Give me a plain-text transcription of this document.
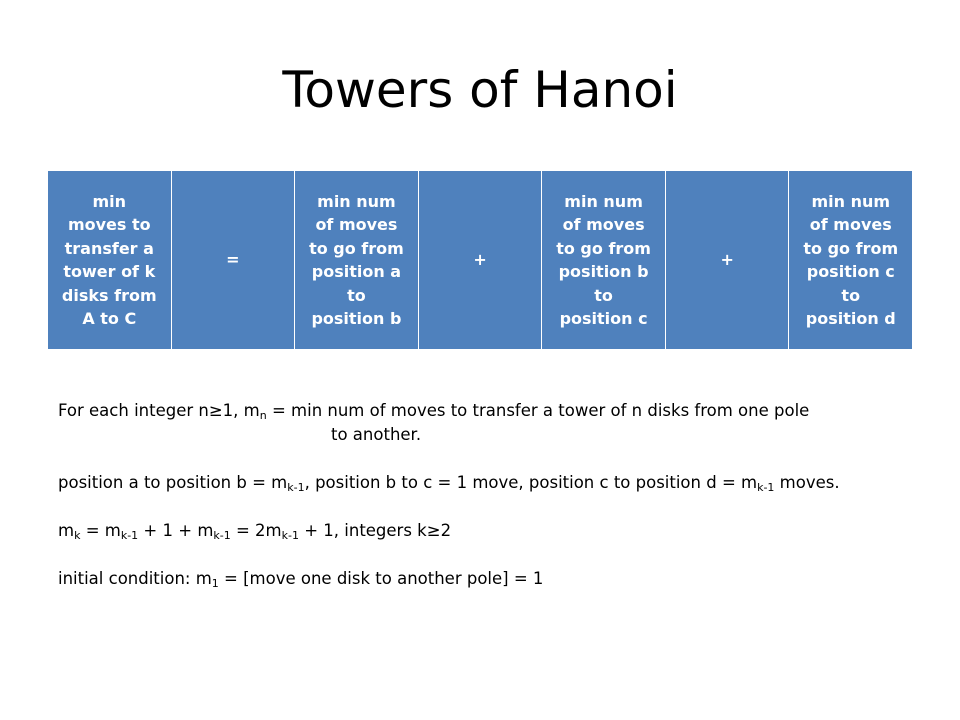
Towers of Hanoi
min
moves to
transfer a
tower of k
disks from
A to C
=
min num
of moves
to go from
position a
to
position b
+
min num
of moves
to go from
position b
to
position c
+
min num
of moves
to go from
position c
to
position d
For each integer n≥1, $m_n = \min$ num of moves to transfer a tower of n disks from one pole
to another.
position a to position $b = m_{k-1}$, position b to c = 1 move, position c to position $d = m_{k-1}$ moves.
$m_k = m_{k-1} + 1 + m_{k-1} = 2m_{k-1} + 1$, integers k≥2
initial condition: $m_1$ = [move one disk to another pole] = 1
